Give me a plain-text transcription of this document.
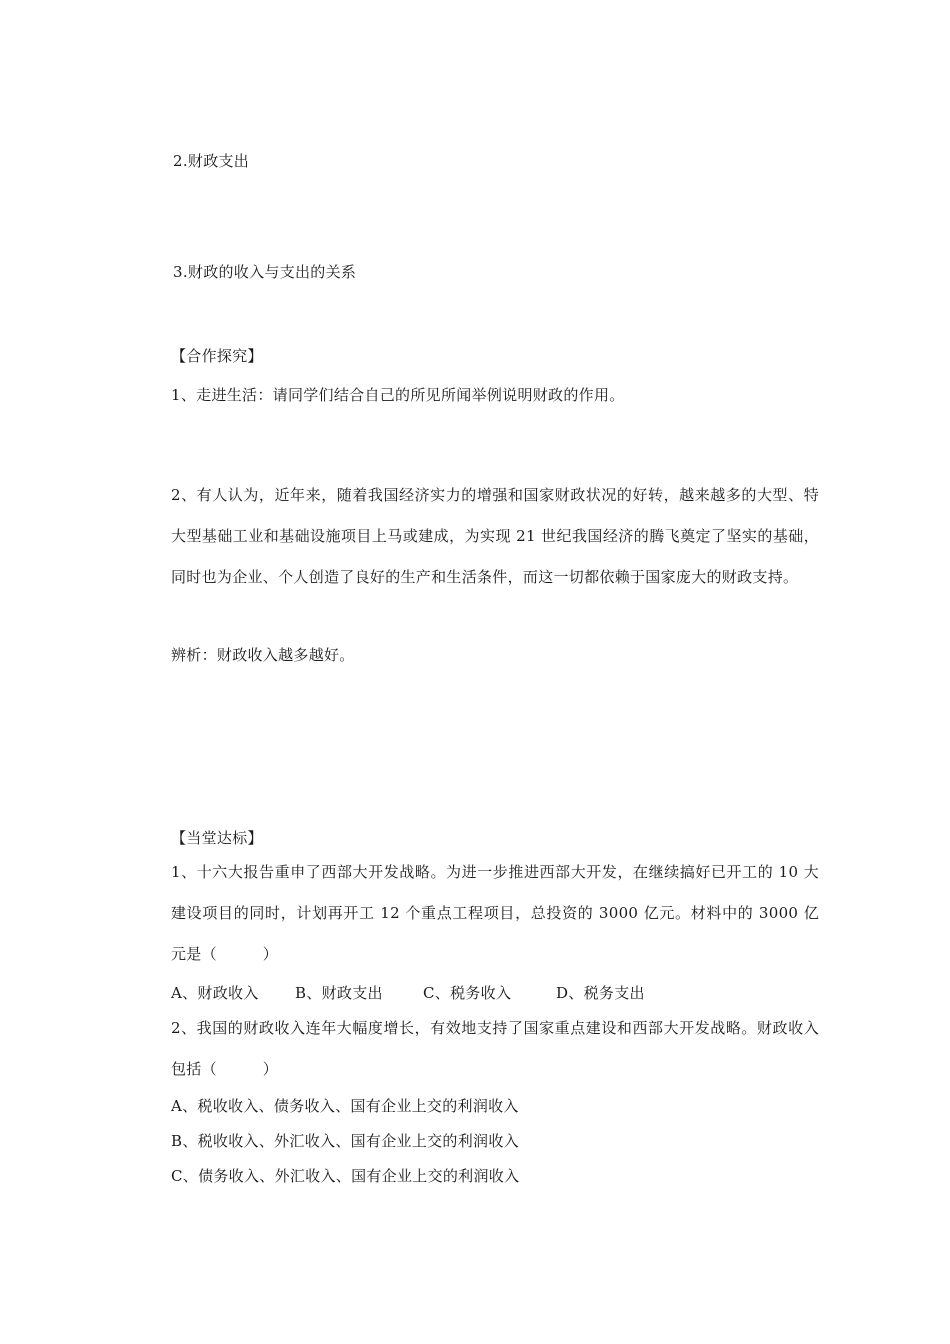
2.财政支出
3.财政的收入与支出的关系
【合作探究】
1、走进生活：请同学们结合自己的所见所闻举例说明财政的作用。
2、有人认为，近年来，随着我国经济实力的增强和国家财政状况的好转，越来越多的大型、特大型基础工业和基础设施项目上马或建成，为实现 21 世纪我国经济的腾飞奠定了坚实的基础，同时也为企业、个人创造了良好的生产和生活条件，而这一切都依赖于国家庞大的财政支持。
辨析：财政收入越多越好。
【当堂达标】
1、十六大报告重申了西部大开发战略。为进一步推进西部大开发，在继续搞好已开工的 10 大建设项目的同时，计划再开工 12 个重点工程项目，总投资的 3000 亿元。材料中的 3000 亿元是（　　　）
A、财政收入 B、财政支出	C、税务收入	D、税务支出
2、我国的财政收入连年大幅度增长，有效地支持了国家重点建设和西部大开发战略。财政收入包括（　　　）
A、税收收入、债务收入、国有企业上交的利润收入
B、税收收入、外汇收入、国有企业上交的利润收入
C、债务收入、外汇收入、国有企业上交的利润收入
